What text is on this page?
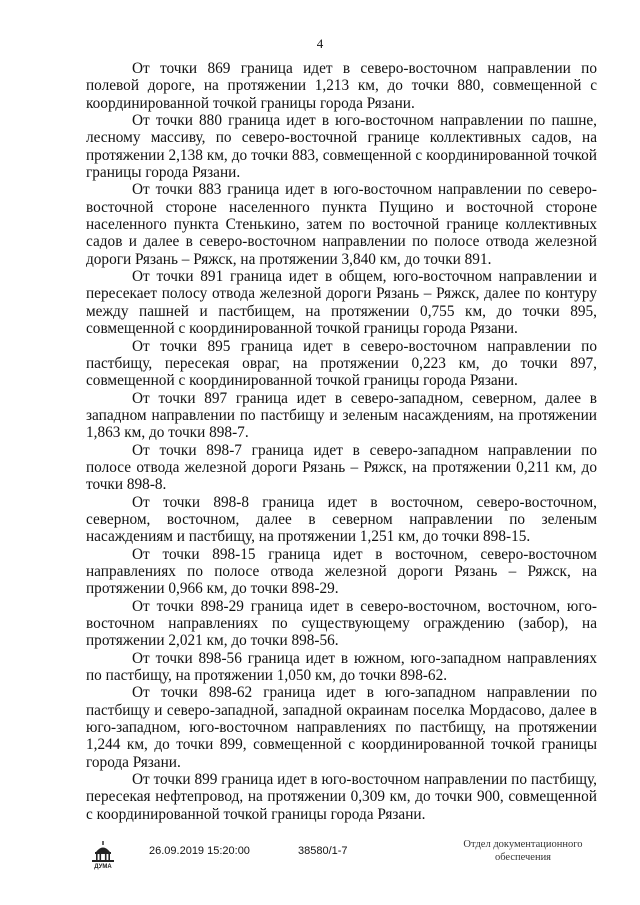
4

От точки 869 граница идет в северо-восточном направлении по полевой дороге, на протяжении 1,213 км, до точки 880, совмещенной с координированной точкой границы города Рязани.

От точки 880 граница идет в юго-восточном направлении по пашне, лесному массиву, по северо-восточной границе коллективных садов, на протяжении 2,138 км, до точки 883, совмещенной с координированной точкой границы города Рязани.

От точки 883 граница идет в юго-восточном направлении по северо-восточной стороне населенного пункта Пущино и восточной стороне населенного пункта Стенькино, затем по восточной границе коллективных садов и далее в северо-восточном направлении по полосе отвода железной дороги Рязань – Ряжск, на протяжении 3,840 км, до точки 891.

От точки 891 граница идет в общем, юго-восточном направлении и пересекает полосу отвода железной дороги Рязань – Ряжск, далее по контуру между пашней и пастбищем, на протяжении 0,755 км, до точки 895, совмещенной с координированной точкой границы города Рязани.

От точки 895 граница идет в северо-восточном направлении по пастбищу, пересекая овраг, на протяжении 0,223 км, до точки 897, совмещенной с координированной точкой границы города Рязани.

От точки 897 граница идет в северо-западном, северном, далее в западном направлении по пастбищу и зеленым насаждениям, на протяжении 1,863 км, до точки 898-7.

От точки 898-7 граница идет в северо-западном направлении по полосе отвода железной дороги Рязань – Ряжск, на протяжении 0,211 км, до точки 898-8.

От точки 898-8 граница идет в восточном, северо-восточном, северном, восточном, далее в северном направлении по зеленым насаждениям и пастбищу, на протяжении 1,251 км, до точки 898-15.

От точки 898-15 граница идет в восточном, северо-восточном направлениях по полосе отвода железной дороги Рязань – Ряжск, на протяжении 0,966 км, до точки 898-29.

От точки 898-29 граница идет в северо-восточном, восточном, юго-восточном направлениях по существующему ограждению (забор), на протяжении 2,021 км, до точки 898-56.

От точки 898-56 граница идет в южном, юго-западном направлениях по пастбищу, на протяжении 1,050 км, до точки 898-62.

От точки 898-62 граница идет в юго-западном направлении по пастбищу и северо-западной, западной окраинам поселка Мордасово, далее в юго-западном, юго-восточном направлениях по пастбищу, на протяжении 1,244 км, до точки 899, совмещенной с координированной точкой границы города Рязани.

От точки 899 граница идет в юго-восточном направлении по пастбищу, пересекая нефтепровод, на протяжении 0,309 км, до точки 900, совмещенной с координированной точкой границы города Рязани.

ДУМА
26.09.2019 15:20:00	38580/1-7
Отдел документационного
обеспечения
